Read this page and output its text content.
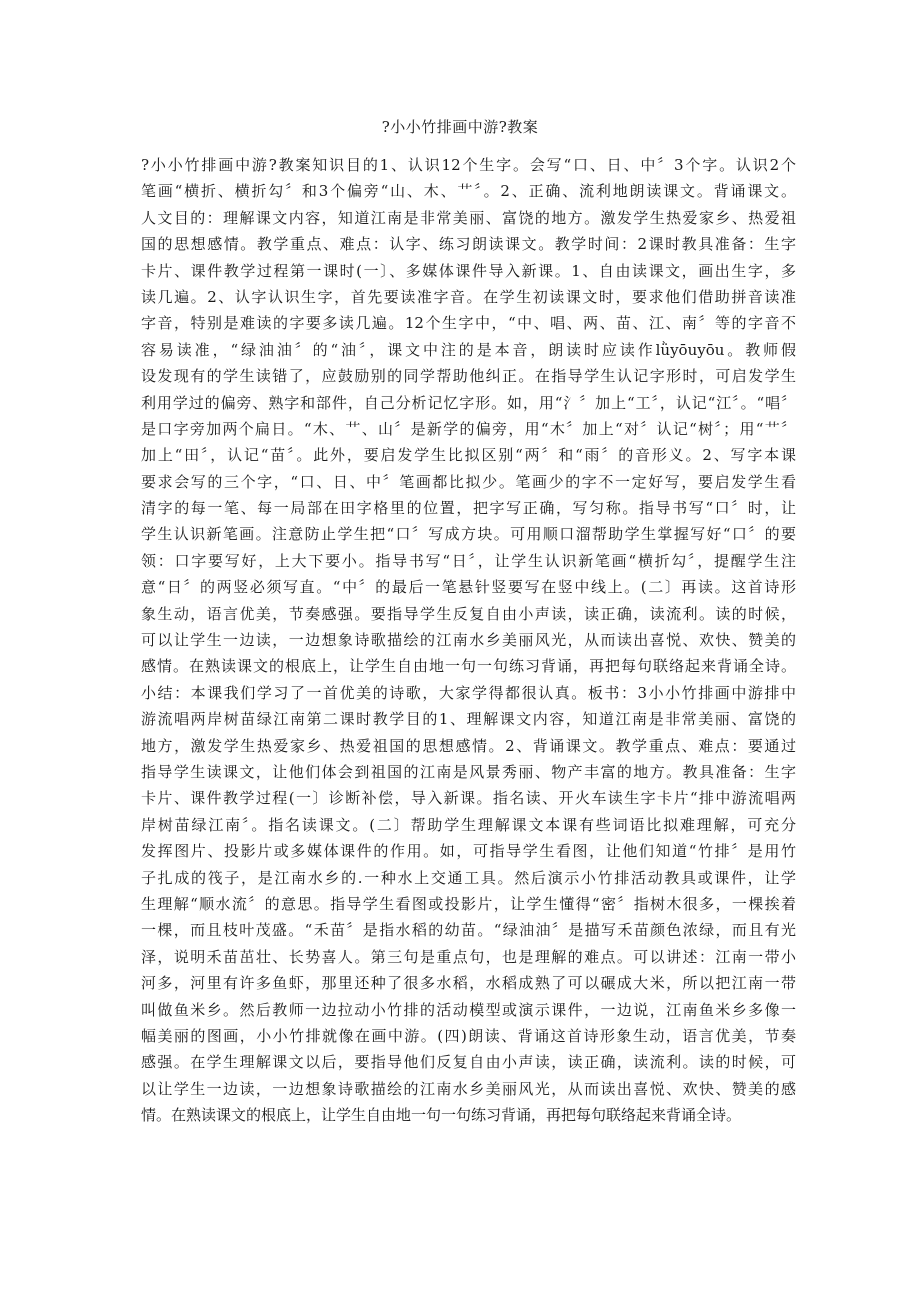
?小小竹排画中游?教案
?小小竹排画中游?教案知识目的1、认识12个生字。会写“口、日、中〞3个字。认识2个
笔画“横折、横折勾〞和3个偏旁“山、木、艹〞。2、正确、流利地朗读课文。背诵课文。
人文目的：理解课文内容，知道江南是非常美丽、富饶的地方。激发学生热爱家乡、热爱祖
国的思想感情。教学重点、难点：认字、练习朗读课文。教学时间：2课时教具准备：生字
卡片、课件教学过程第一课时(一〕、多媒体课件导入新课。1、自由读课文，画出生字，多
读几遍。2、认字认识生字，首先要读准字音。在学生初读课文时，要求他们借助拼音读准
字音，特别是难读的字要多读几遍。12个生字中，“中、唱、两、苗、江、南〞等的字音不
容易读准，“绿油油〞的“油〞，课文中注的是本音，朗读时应读作lǜyōuyōu。教师假
设发现有的学生读错了，应鼓励别的同学帮助他纠正。在指导学生认记字形时，可启发学生
利用学过的偏旁、熟字和部件，自己分析记忆字形。如，用“氵〞加上“工〞，认记“江〞。“唱〞
是口字旁加两个扁日。“木、艹、山〞是新学的偏旁，用“木〞加上“对〞认记“树〞；用“艹〞
加上“田〞，认记“苗〞。此外，要启发学生比拟区别“两〞和“雨〞的音形义。2、写字本课
要求会写的三个字，“口、日、中〞笔画都比拟少。笔画少的字不一定好写，要启发学生看
清字的每一笔、每一局部在田字格里的位置，把字写正确，写匀称。指导书写“口〞时，让
学生认识新笔画。注意防止学生把“口〞写成方块。可用顺口溜帮助学生掌握写好“口〞的要
领：口字要写好，上大下要小。指导书写“日〞，让学生认识新笔画“横折勾〞，提醒学生注
意“日〞的两竖必须写直。“中〞的最后一笔悬针竖要写在竖中线上。(二〕再读。这首诗形
象生动，语言优美，节奏感强。要指导学生反复自由小声读，读正确，读流利。读的时候，
可以让学生一边读，一边想象诗歌描绘的江南水乡美丽风光，从而读出喜悦、欢快、赞美的
感情。在熟读课文的根底上，让学生自由地一句一句练习背诵，再把每句联络起来背诵全诗。
小结：本课我们学习了一首优美的诗歌，大家学得都很认真。板书：3小小竹排画中游排中
游流唱两岸树苗绿江南第二课时教学目的1、理解课文内容，知道江南是非常美丽、富饶的
地方，激发学生热爱家乡、热爱祖国的思想感情。2、背诵课文。教学重点、难点：要通过
指导学生读课文，让他们体会到祖国的江南是风景秀丽、物产丰富的地方。教具准备：生字
卡片、课件教学过程(一〕诊断补偿，导入新课。指名读、开火车读生字卡片“排中游流唱两
岸树苗绿江南〞。指名读课文。(二〕帮助学生理解课文本课有些词语比拟难理解，可充分
发挥图片、投影片或多媒体课件的作用。如，可指导学生看图，让他们知道“竹排〞是用竹
子扎成的筏子，是江南水乡的.一种水上交通工具。然后演示小竹排活动教具或课件，让学
生理解“顺水流〞的意思。指导学生看图或投影片，让学生懂得“密〞指树木很多，一棵挨着
一棵，而且枝叶茂盛。“禾苗〞是指水稻的幼苗。“绿油油〞是描写禾苗颜色浓绿，而且有光
泽，说明禾苗茁壮、长势喜人。第三句是重点句，也是理解的难点。可以讲述：江南一带小
河多，河里有许多鱼虾，那里还种了很多水稻，水稻成熟了可以碾成大米，所以把江南一带
叫做鱼米乡。然后教师一边拉动小竹排的活动模型或演示课件，一边说，江南鱼米乡多像一
幅美丽的图画，小小竹排就像在画中游。(四)朗读、背诵这首诗形象生动，语言优美，节奏
感强。在学生理解课文以后，要指导他们反复自由小声读，读正确，读流利。读的时候，可
以让学生一边读，一边想象诗歌描绘的江南水乡美丽风光，从而读出喜悦、欢快、赞美的感
情。在熟读课文的根底上，让学生自由地一句一句练习背诵，再把每句联络起来背诵全诗。
